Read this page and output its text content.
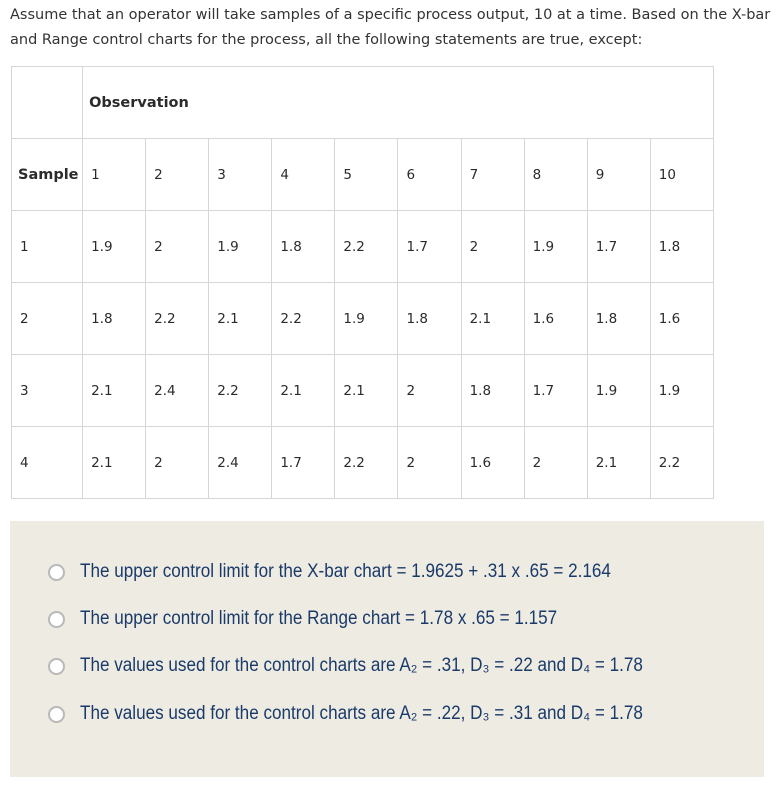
Assume that an operator will take samples of a specific process output, 10 at a time. Based on the X-bar
and Range control charts for the process, all the following statements are true, except:
	Observation									
Sample	1	2	3	4	5	6	7	8	9	10
1	1.9	2	1.9	1.8	2.2	1.7	2	1.9	1.7	1.8
2	1.8	2.2	2.1	2.2	1.9	1.8	2.1	1.6	1.8	1.6
3	2.1	2.4	2.2	2.1	2.1	2	1.8	1.7	1.9	1.9
4	2.1	2	2.4	1.7	2.2	2	1.6	2	2.1	2.2
The upper control limit for the X-bar chart = 1.9625 + .31 x .65 = 2.164
The upper control limit for the Range chart = 1.78 x .65 = 1.157
The values used for the control charts are A₂ = .31, D₃ = .22 and D₄ = 1.78
The values used for the control charts are A₂ = .22, D₃ = .31 and D₄ = 1.78
